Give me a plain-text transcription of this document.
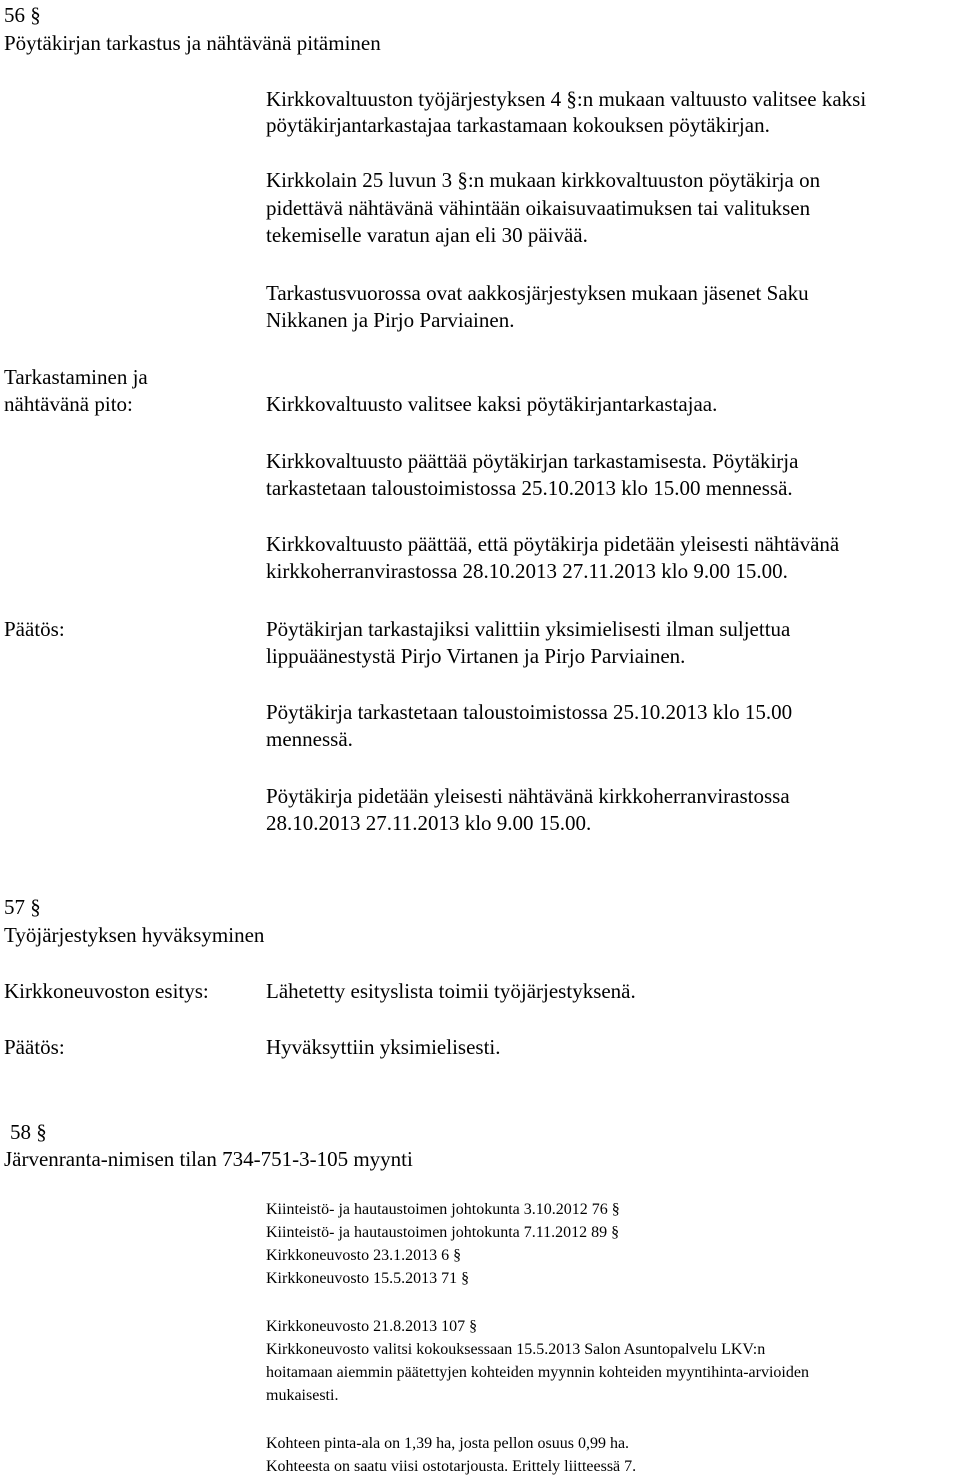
56 §
Pöytäkirjan tarkastus ja nähtävänä pitäminen
Kirkkovaltuuston työjärjestyksen 4 §:n mukaan valtuusto valitsee kaksi
pöytäkirjantarkastajaa tarkastamaan kokouksen pöytäkirjan.
Kirkkolain 25 luvun 3 §:n mukaan kirkkovaltuuston pöytäkirja on
pidettävä nähtävänä vähintään oikaisuvaatimuksen tai valituksen
tekemiselle varatun ajan eli 30 päivää.
Tarkastusvuorossa ovat aakkosjärjestyksen mukaan jäsenet Saku
Nikkanen ja Pirjo Parviainen.
Tarkastaminen ja
nähtävänä pito:	Kirkkovaltuusto valitsee kaksi pöytäkirjantarkastajaa.
Kirkkovaltuusto päättää pöytäkirjan tarkastamisesta. Pöytäkirja
tarkastetaan taloustoimistossa 25.10.2013 klo 15.00 mennessä.
Kirkkovaltuusto päättää, että pöytäkirja pidetään yleisesti nähtävänä
kirkkoherranvirastossa 28.10.2013 27.11.2013 klo 9.00 15.00.
Päätös:	Pöytäkirjan tarkastajiksi valittiin yksimielisesti ilman suljettua
lippuäänestystä Pirjo Virtanen ja Pirjo Parviainen.
Pöytäkirja tarkastetaan taloustoimistossa 25.10.2013 klo 15.00
mennessä.
Pöytäkirja pidetään yleisesti nähtävänä kirkkoherranvirastossa
28.10.2013 27.11.2013 klo 9.00 15.00.
57 §
Työjärjestyksen hyväksyminen
Kirkkoneuvoston esitys:	Lähetetty esityslista toimii työjärjestyksenä.
Päätös:	Hyväksyttiin yksimielisesti.
58 §
Järvenranta-nimisen tilan 734-751-3-105 myynti
Kiinteistö- ja hautaustoimen johtokunta 3.10.2012 76 §
Kiinteistö- ja hautaustoimen johtokunta 7.11.2012 89 §
Kirkkoneuvosto 23.1.2013 6 §
Kirkkoneuvosto 15.5.2013 71 §
Kirkkoneuvosto 21.8.2013 107 §
Kirkkoneuvosto valitsi kokouksessaan 15.5.2013 Salon Asuntopalvelu LKV:n
hoitamaan aiemmin päätettyjen kohteiden myynnin kohteiden myyntihinta-arvioiden
mukaisesti.
Kohteen pinta-ala on 1,39 ha, josta pellon osuus 0,99 ha.
Kohteesta on saatu viisi ostotarjousta. Erittely liitteessä 7.
